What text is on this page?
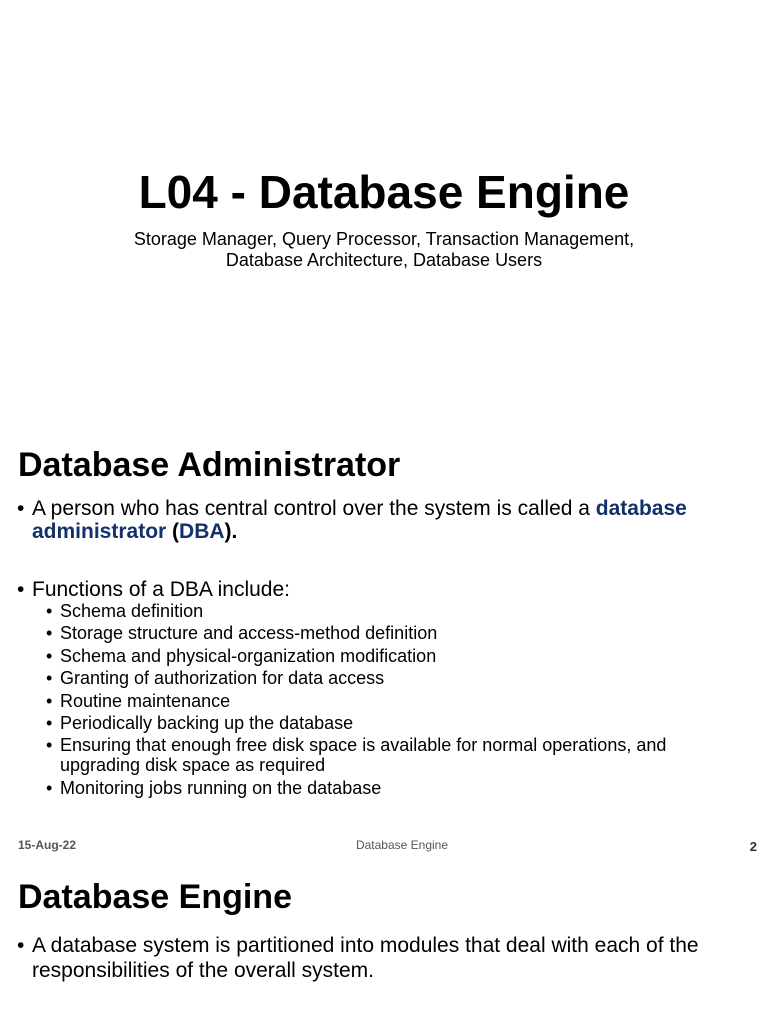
L04 - Database Engine
Storage Manager, Query Processor, Transaction Management,
Database Architecture, Database Users
Database Administrator
• A person who has central control over the system is called a database administrator (DBA).
• Functions of a DBA include:
• Schema definition
• Storage structure and access-method definition
• Schema and physical-organization modification
• Granting of authorization for data access
• Routine maintenance
• Periodically backing up the database
• Ensuring that enough free disk space is available for normal operations, and upgrading disk space as required
• Monitoring jobs running on the database
15-Aug-22	Database Engine	2
Database Engine
• A database system is partitioned into modules that deal with each of the responsibilities of the overall system.
